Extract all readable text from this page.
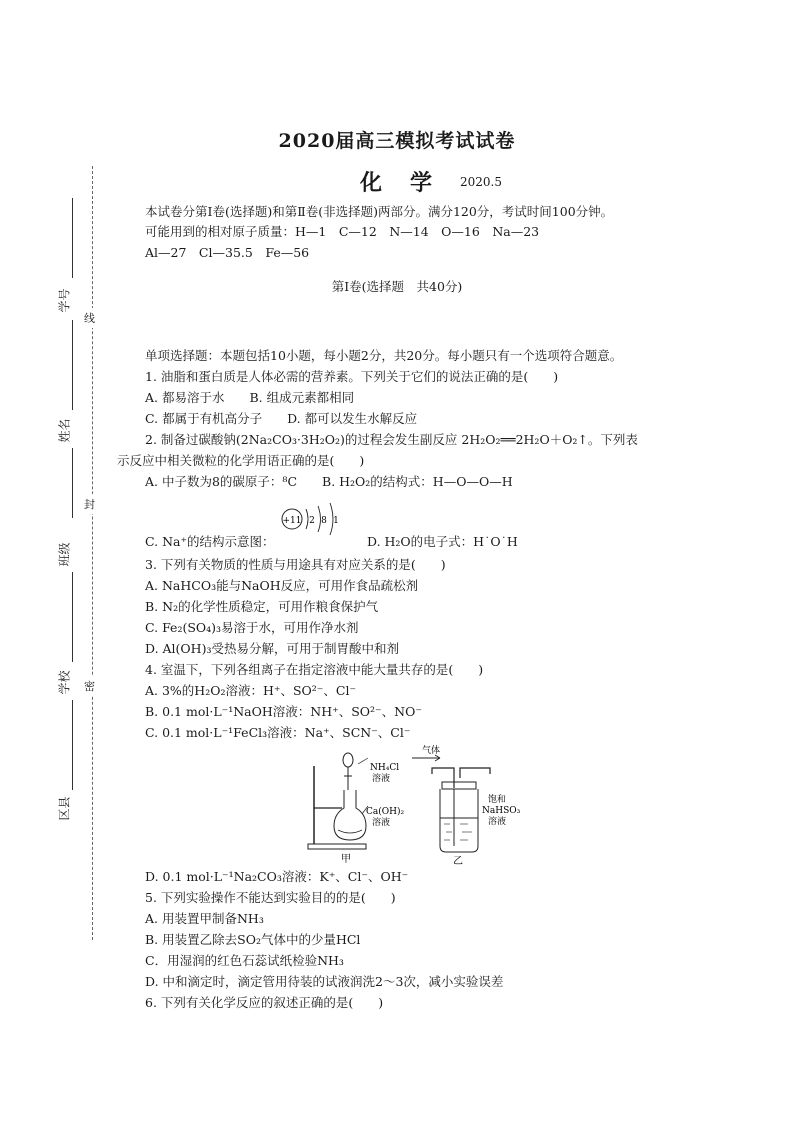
学号
姓名
班级
学校
区县
线
封
密
2020届高三模拟考试试卷
化学 2020.5
本试卷分第Ⅰ卷(选择题)和第Ⅱ卷(非选择题)两部分。满分120分，考试时间100分钟。
可能用到的相对原子质量：H—1　C—12　N—14　O—16　Na—23
Al—27　Cl—35.5　Fe—56
第Ⅰ卷(选择题　共40分)
单项选择题：本题包括10小题，每小题2分，共20分。每小题只有一个选项符合题意。
1. 油脂和蛋白质是人体必需的营养素。下列关于它们的说法正确的是(　　)
A. 都易溶于水　　B. 组成元素都相同
C. 都属于有机高分子　　D. 都可以发生水解反应
2. 制备过碳酸钠(2Na₂CO₃·3H₂O₂)的过程会发生副反应 2H₂O₂══2H₂O＋O₂↑。下列表
示反应中相关微粒的化学用语正确的是(　　)
A. 中子数为8的碳原子：⁸C　　B. H₂O₂的结构式：H—O—O—H
+11 2 8 1
C. Na⁺的结构示意图：	D. H₂O的电子式：H˙O˙H
3. 下列有关物质的性质与用途具有对应关系的是(　　)
A. NaHCO₃能与NaOH反应，可用作食品疏松剂
B. N₂的化学性质稳定，可用作粮食保护气
C. Fe₂(SO₄)₃易溶于水，可用作净水剂
D. Al(OH)₃受热易分解，可用于制胃酸中和剂
4. 室温下，下列各组离子在指定溶液中能大量共存的是(　　)
A. 3%的H₂O₂溶液：H⁺、SO²⁻、Cl⁻
B. 0.1 mol·L⁻¹NaOH溶液：NH⁺、SO²⁻、NO⁻
C. 0.1 mol·L⁻¹FeCl₃溶液：Na⁺、SCN⁻、Cl⁻
NH₄Cl
溶液
Ca(OH)₂
溶液
甲
气体
饱和
NaHSO₃
溶液
乙
D. 0.1 mol·L⁻¹Na₂CO₃溶液：K⁺、Cl⁻、OH⁻
5. 下列实验操作不能达到实验目的的是(　　)
A. 用装置甲制备NH₃
B. 用装置乙除去SO₂气体中的少量HCl
C．用湿润的红色石蕊试纸检验NH₃
D. 中和滴定时，滴定管用待装的试液润洗2～3次，减小实验误差
6. 下列有关化学反应的叙述正确的是(　　)
